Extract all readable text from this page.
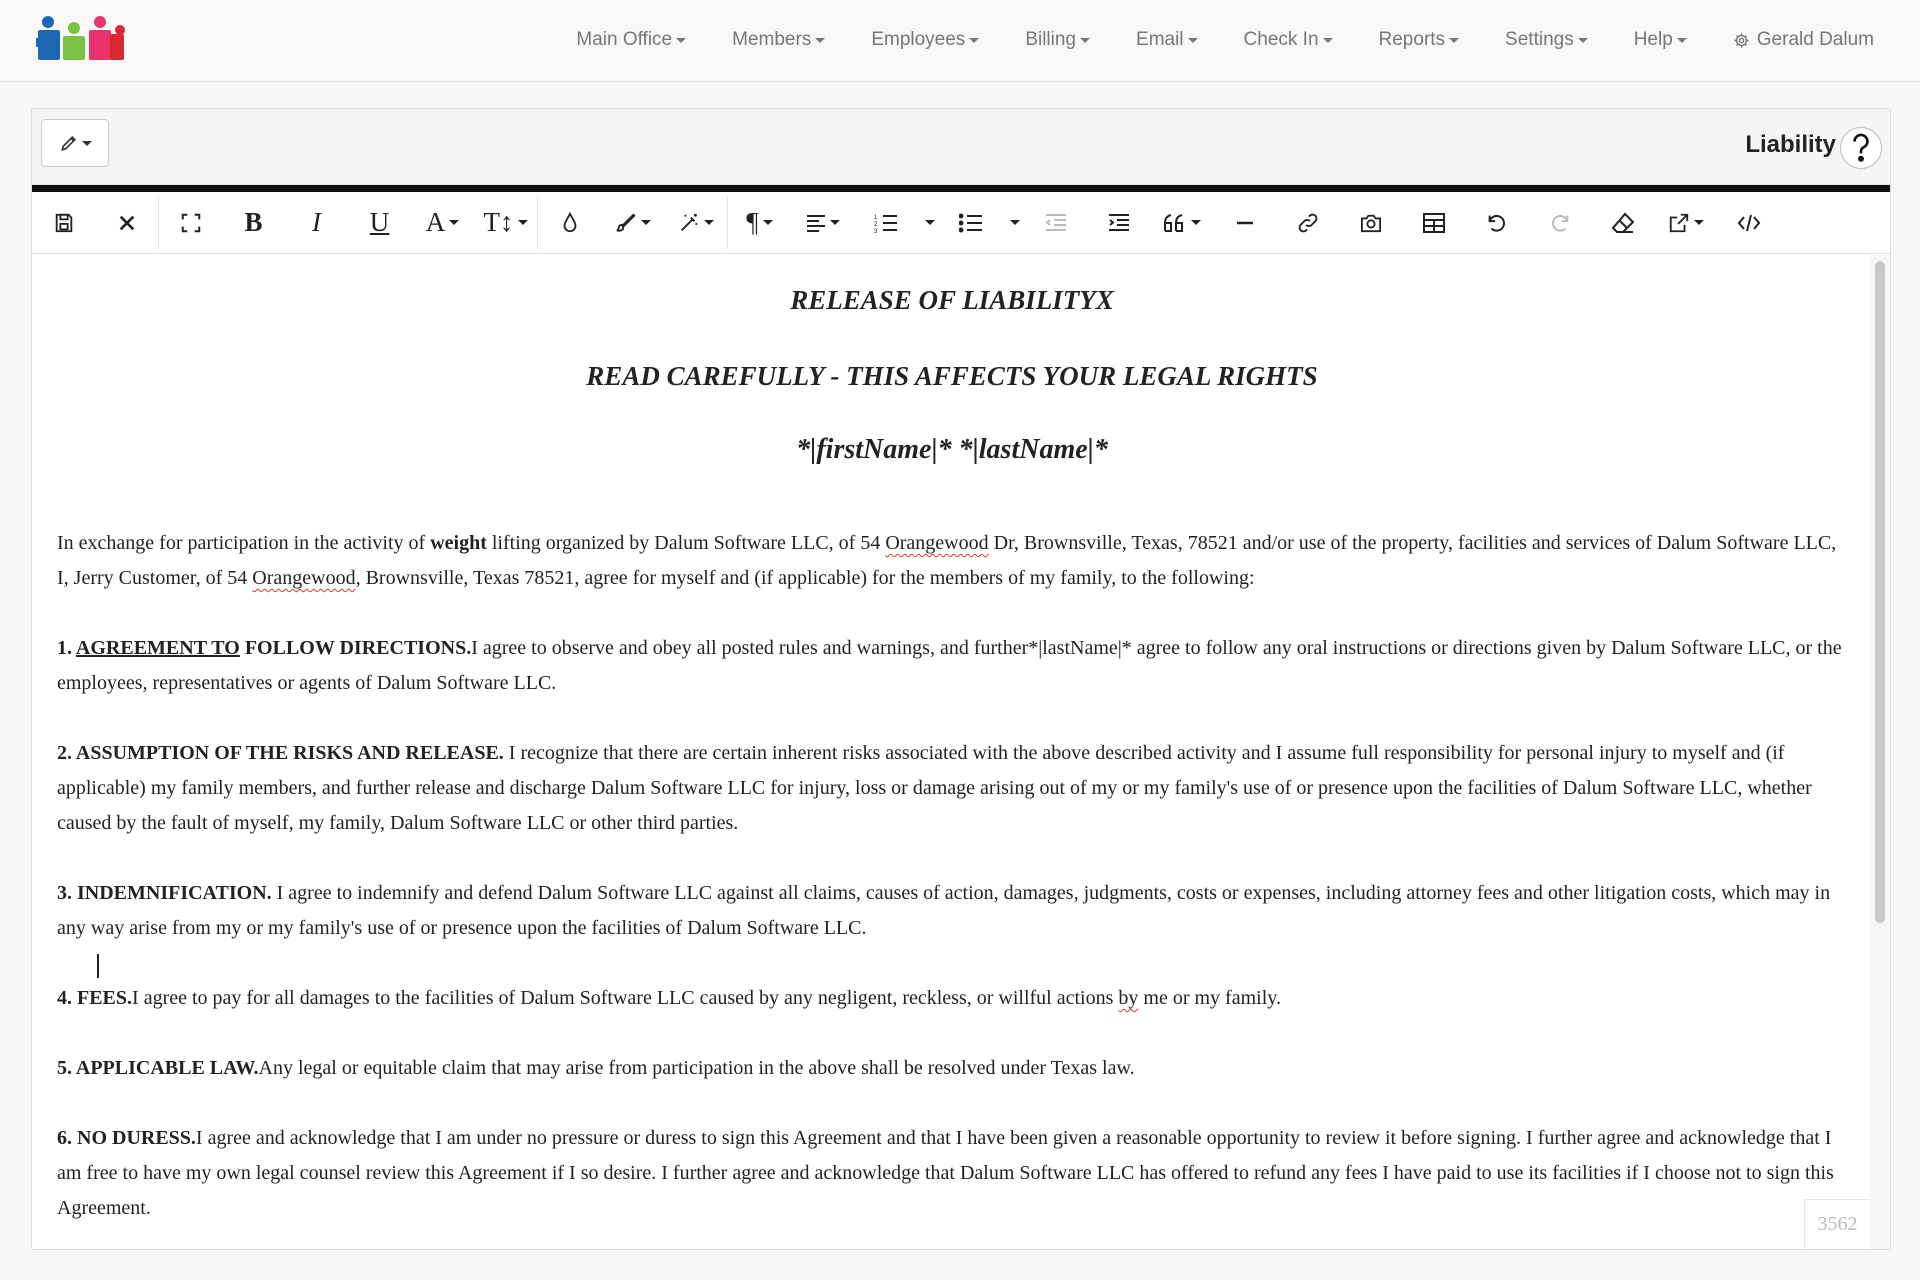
Main Office	Members	Employees	Billing	Email	Check In	Reports	Settings	Help	Gerald Dalum
Liability
B I U A T↕	¶	1
2
3
RELEASE OF LIABILITYX
READ CAREFULLY - THIS AFFECTS YOUR LEGAL RIGHTS
*|firstName|* *|lastName|*

In exchange for participation in the activity of weight lifting organized by Dalum Software LLC, of 54 Orangewood Dr, Brownsville, Texas, 78521 and/or use of the property, facilities and services of Dalum Software LLC, I, Jerry Customer, of 54 Orangewood, Brownsville, Texas 78521, agree for myself and (if applicable) for the members of my family, to the following:

1. AGREEMENT TO FOLLOW DIRECTIONS.I agree to observe and obey all posted rules and warnings, and further*|lastName|* agree to follow any oral instructions or directions given by Dalum Software LLC, or the employees, representatives or agents of Dalum Software LLC.

2. ASSUMPTION OF THE RISKS AND RELEASE. I recognize that there are certain inherent risks associated with the above described activity and I assume full responsibility for personal injury to myself and (if applicable) my family members, and further release and discharge Dalum Software LLC for injury, loss or damage arising out of my or my family's use of or presence upon the facilities of Dalum Software LLC, whether caused by the fault of myself, my family, Dalum Software LLC or other third parties.

3. INDEMNIFICATION. I agree to indemnify and defend Dalum Software LLC against all claims, causes of action, damages, judgments, costs or expenses, including attorney fees and other litigation costs, which may in any way arise from my or my family's use of or presence upon the facilities of Dalum Software LLC.

4. FEES.I agree to pay for all damages to the facilities of Dalum Software LLC caused by any negligent, reckless, or willful actions by me or my family.

5. APPLICABLE LAW.Any legal or equitable claim that may arise from participation in the above shall be resolved under Texas law.

6. NO DURESS.I agree and acknowledge that I am under no pressure or duress to sign this Agreement and that I have been given a reasonable opportunity to review it before signing. I further agree and acknowledge that I am free to have my own legal counsel review this Agreement if I so desire. I further agree and acknowledge that Dalum Software LLC has offered to refund any fees I have paid to use its facilities if I choose not to sign this Agreement.

3562
